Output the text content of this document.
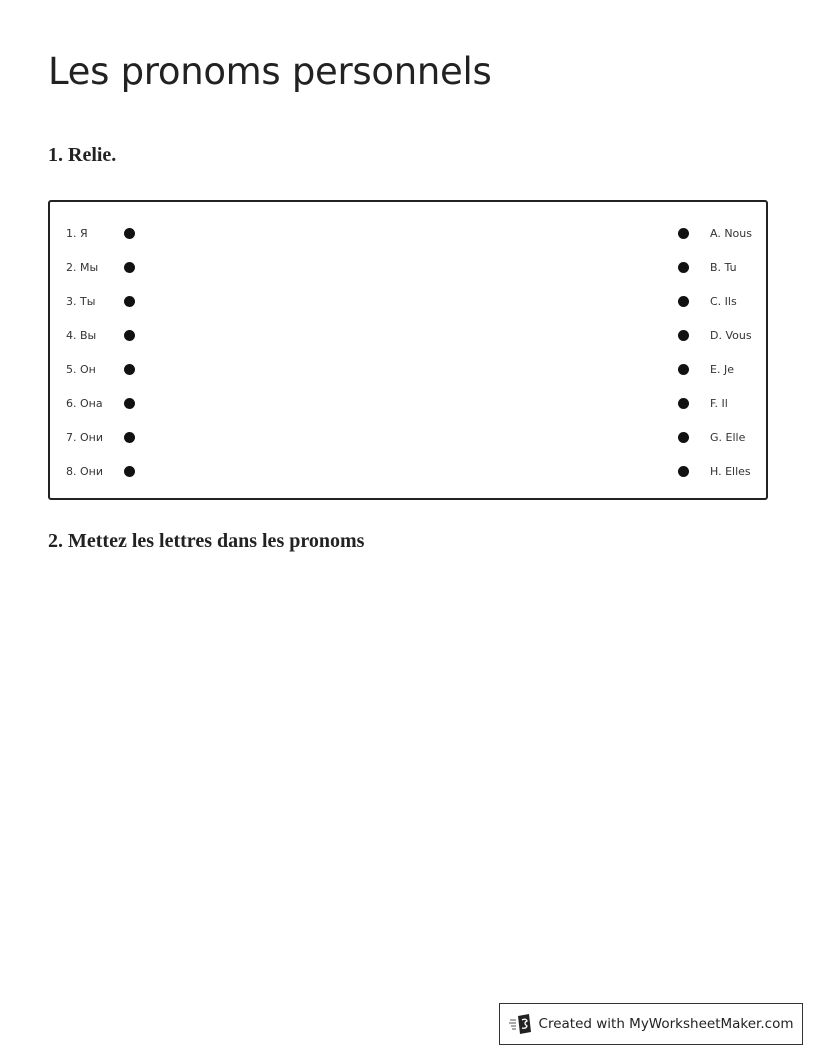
Les pronoms personnels
1. Relie.
1. Я	A. Nous
2. Мы	B. Tu
3. Ты	C. Ils
4. Вы	D. Vous
5. Он	E. Je
6. Она	F. Il
7. Они	G. Elle
8. Они	H. Elles
2. Mettez les lettres dans les pronoms
Created with MyWorksheetMaker.com
